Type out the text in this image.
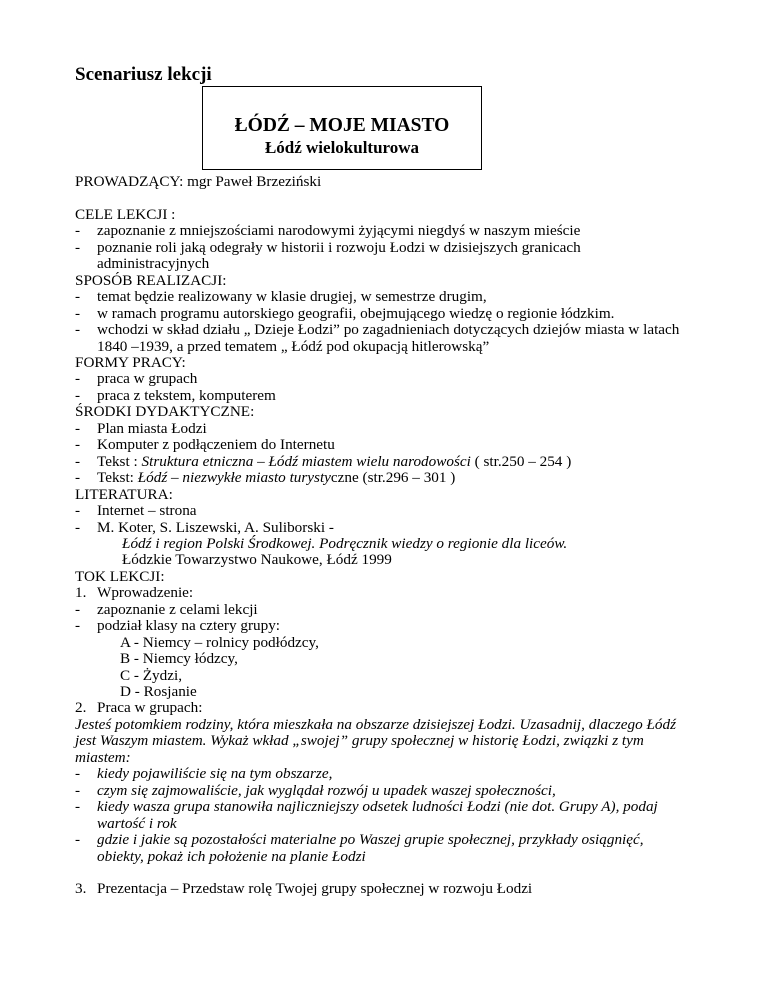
Scenariusz lekcji
ŁÓDŹ – MOJE MIASTO
Łódź wielokulturowa
PROWADZĄCY: mgr Paweł Brzeziński
CELE LEKCJI :
- zapoznanie z mniejszościami narodowymi żyjącymi niegdyś w naszym mieście
- poznanie roli jaką odegrały w historii i rozwoju Łodzi w dzisiejszych granicach
administracyjnych
SPOSÓB REALIZACJI:
- temat będzie realizowany w klasie drugiej, w semestrze drugim,
- w ramach programu autorskiego geografii, obejmującego wiedzę o regionie łódzkim.
- wchodzi w skład działu „ Dzieje Łodzi” po zagadnieniach dotyczących dziejów miasta w latach
1840 –1939, a przed tematem „ Łódź pod okupacją hitlerowską”
FORMY PRACY:
- praca w grupach
- praca z tekstem, komputerem
ŚRODKI DYDAKTYCZNE:
- Plan miasta Łodzi
- Komputer z podłączeniem do Internetu
- Tekst : Struktura etniczna – Łódź miastem wielu narodowości ( str.250 – 254 )
- Tekst: Łódź – niezwykłe miasto turystyczne (str.296 – 301 )
LITERATURA:
- Internet – strona
- M. Koter, S. Liszewski, A. Suliborski -
Łódź i region Polski Środkowej. Podręcznik wiedzy o regionie dla liceów.
Łódzkie Towarzystwo Naukowe, Łódź 1999
TOK LEKCJI:
1. Wprowadzenie:
- zapoznanie z celami lekcji
- podział klasy na cztery grupy:
A - Niemcy – rolnicy podłódzcy,
B - Niemcy łódzcy,
C - Żydzi,
D - Rosjanie
2. Praca w grupach:
Jesteś potomkiem rodziny, która mieszkała na obszarze dzisiejszej Łodzi. Uzasadnij, dlaczego Łódź
jest Waszym miastem. Wykaż wkład „swojej” grupy społecznej w historię Łodzi, związki z tym
miastem:
- kiedy pojawiliście się na tym obszarze,
- czym się zajmowaliście, jak wyglądał rozwój u upadek waszej społeczności,
- kiedy wasza grupa stanowiła najliczniejszy odsetek ludności Łodzi (nie dot. Grupy A), podaj
wartość i rok
- gdzie i jakie są pozostałości materialne po Waszej grupie społecznej, przykłady osiągnięć,
obiekty, pokaż ich położenie na planie Łodzi
3. Prezentacja – Przedstaw rolę Twojej grupy społecznej w rozwoju Łodzi
